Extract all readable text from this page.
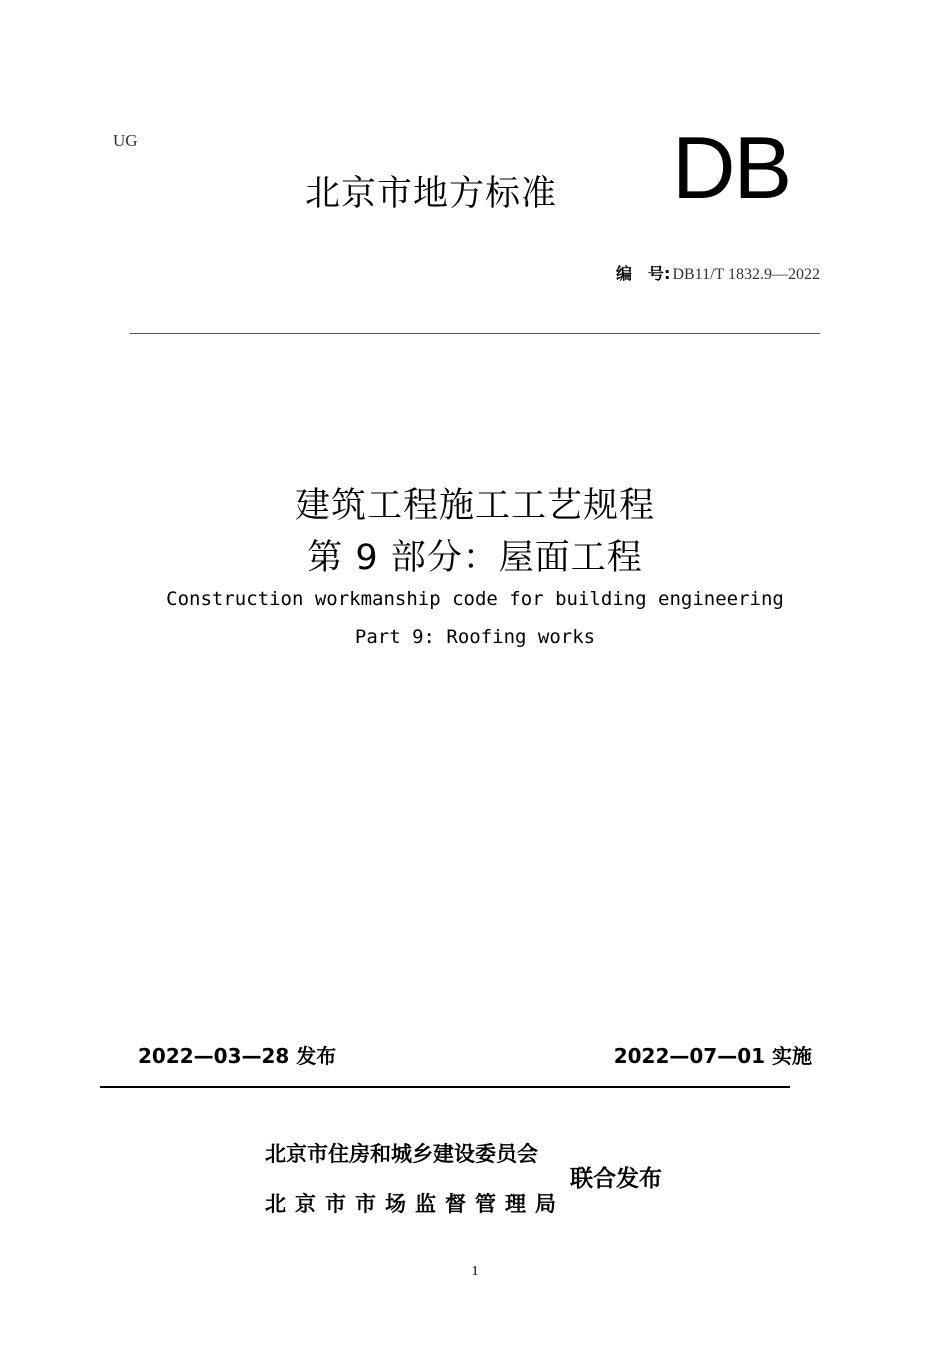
UG
北京市地方标准 DB
编　号: DB11/T 1832.9—2022
建筑工程施工工艺规程
第 9 部分：屋面工程
Construction workmanship code for building engineering
Part 9: Roofing works
2022—03—28 发布	2022—07—01 实施
北京市住房和城乡建设委员会
北京市市场监督管理局
联合发布
1
